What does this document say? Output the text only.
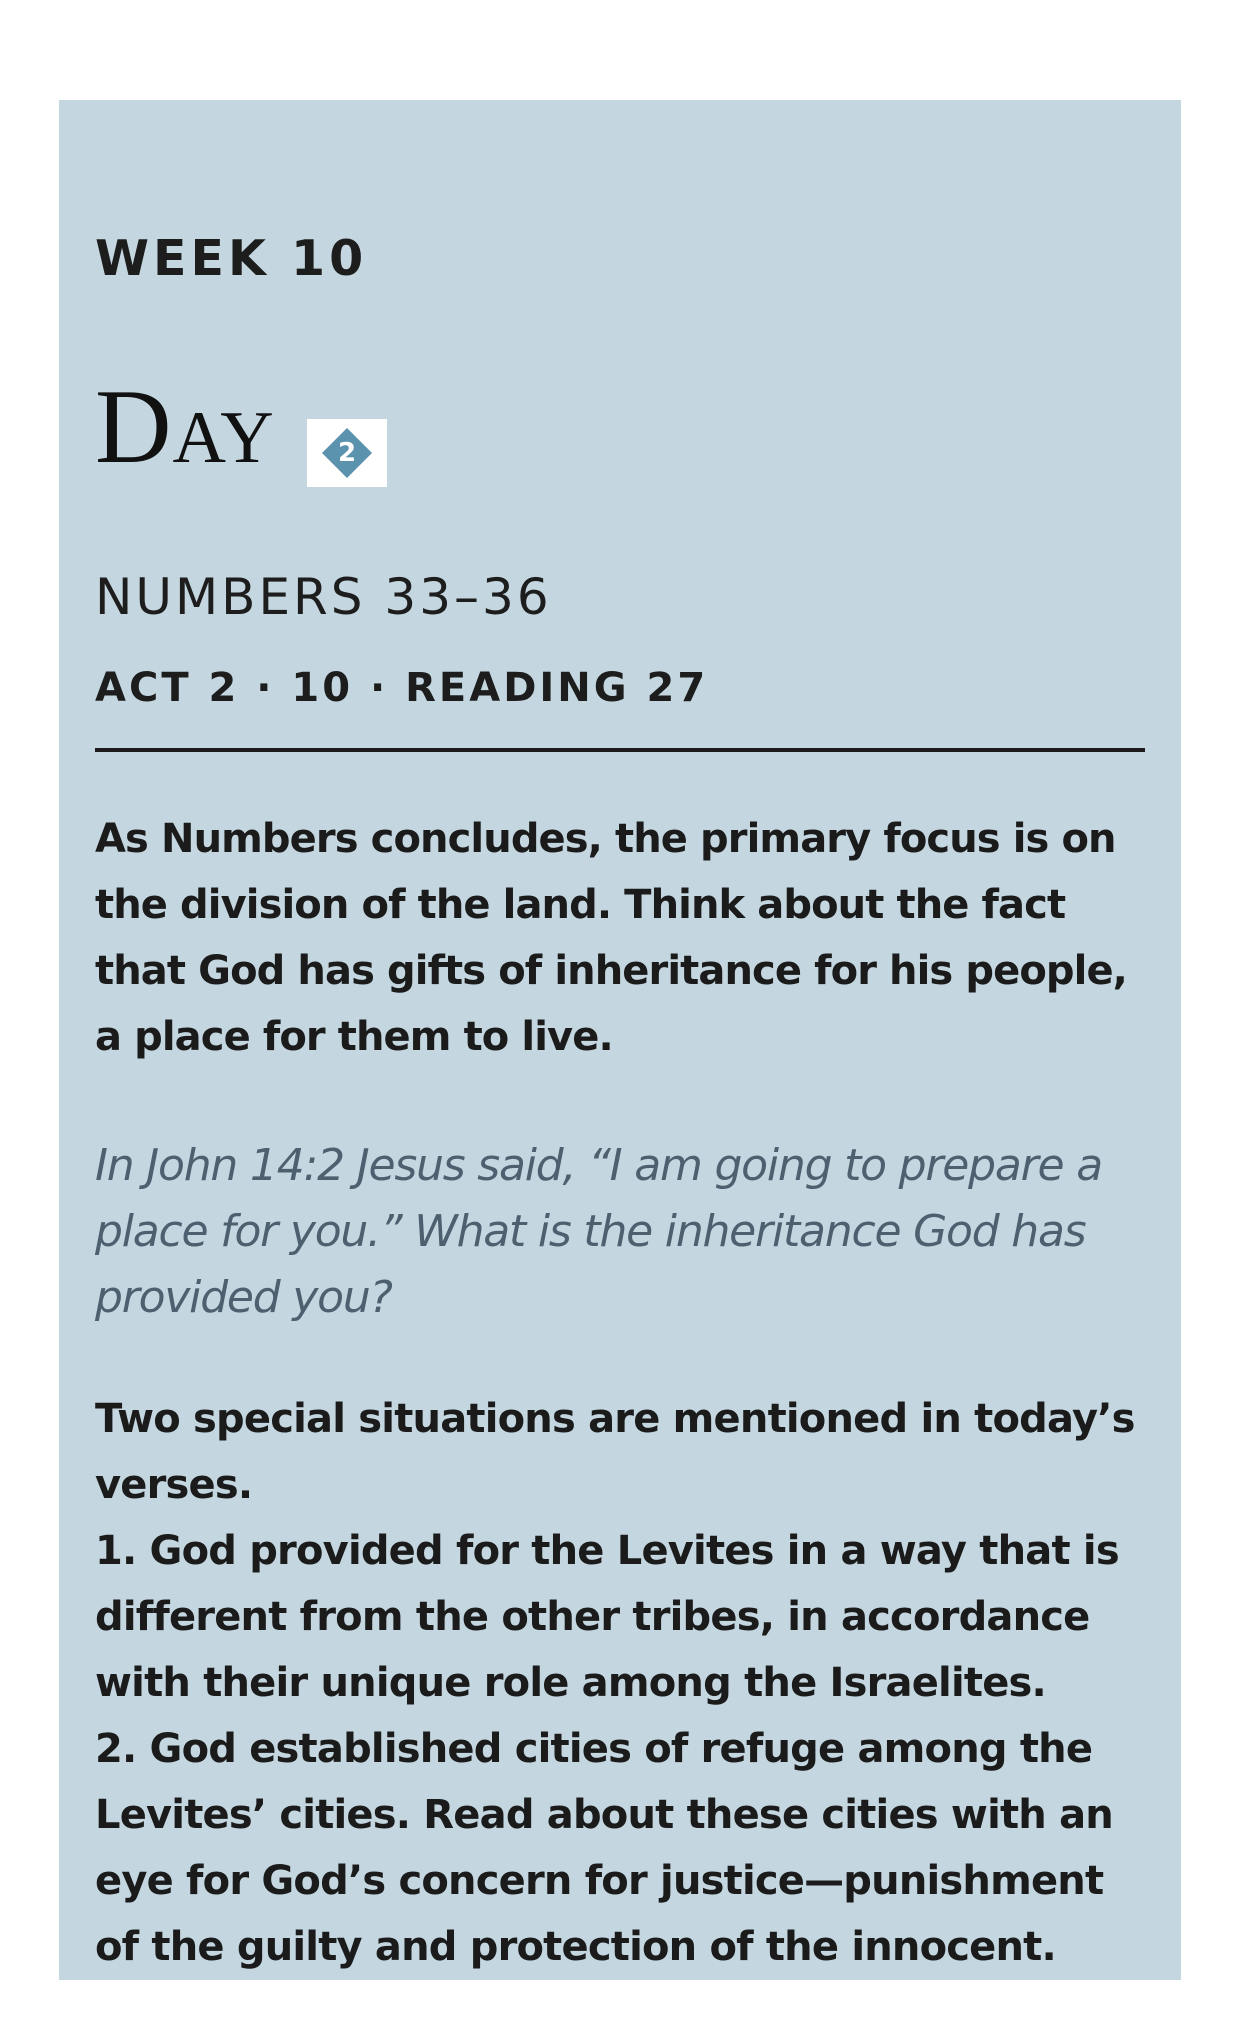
WEEK 10
Day	2
NUMBERS 33–36
ACT 2 · 10 · READING 27

As Numbers concludes, the primary focus is on the division of the land. Think about the fact that God has gifts of inheritance for his people, a place for them to live.

In John 14:2 Jesus said, “I am going to prepare a place for you.” What is the inheritance God has provided you?

Two special situations are mentioned in today’s verses.
1. God provided for the Levites in a way that is different from the other tribes, in accordance with their unique role among the Israelites.
2. God established cities of refuge among the Levites’ cities. Read about these cities with an eye for God’s concern for justice—punishment of the guilty and protection of the innocent.
